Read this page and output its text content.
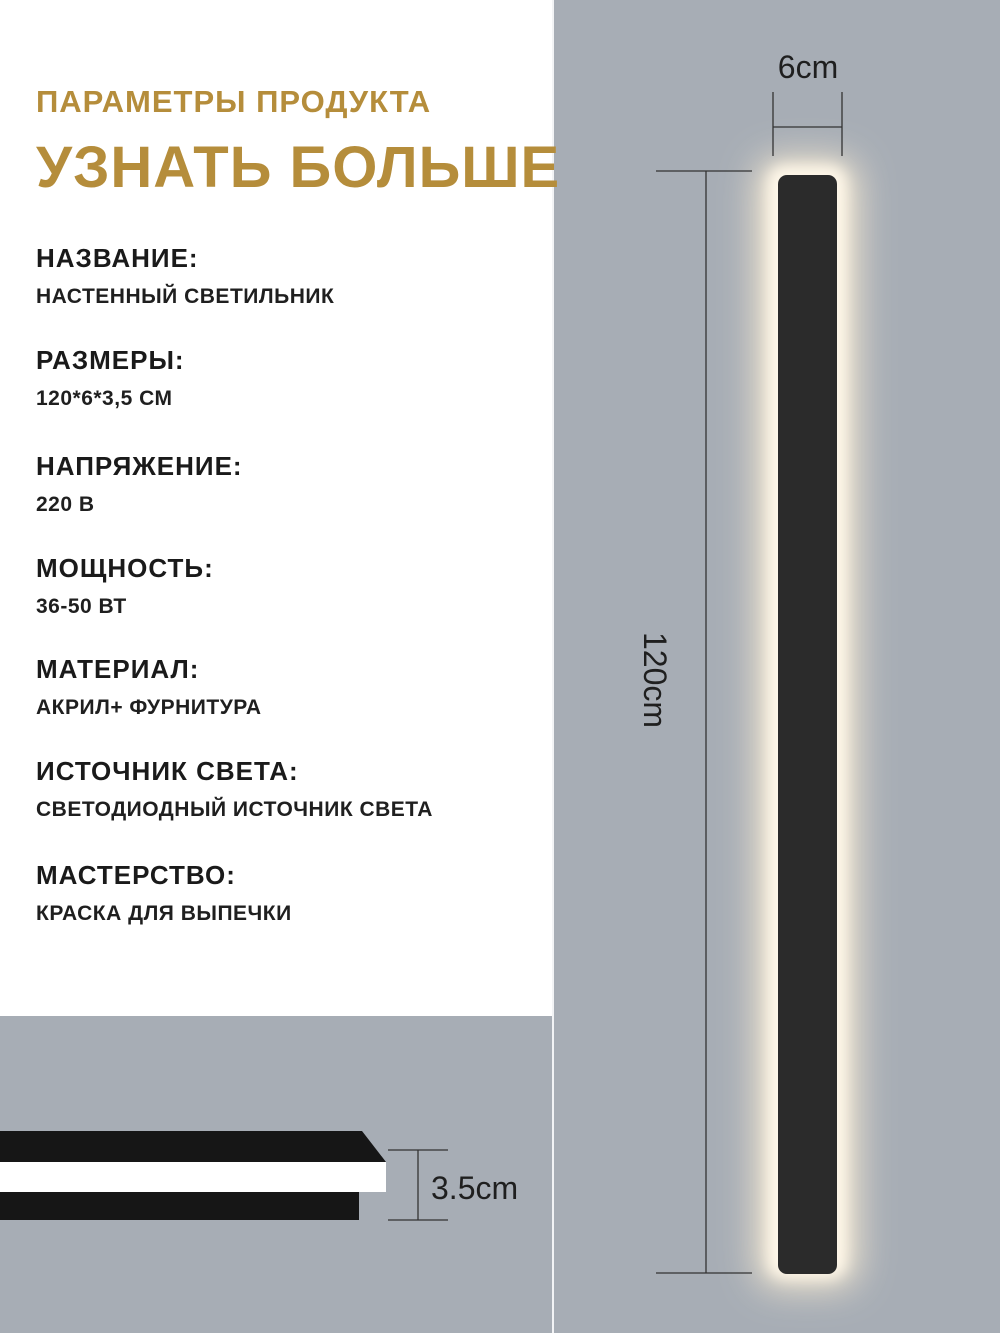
ПАРАМЕТРЫ ПРОДУКТА
УЗНАТЬ БОЛЬШЕ
НАЗВАНИЕ:
НАСТЕННЫЙ СВЕТИЛЬНИК
РАЗМЕРЫ:
120*6*3,5 СМ
НАПРЯЖЕНИЕ:
220 В
МОЩНОСТЬ:
36-50 ВТ
МАТЕРИАЛ:
АКРИЛ+ ФУРНИТУРА
ИСТОЧНИК СВЕТА:
СВЕТОДИОДНЫЙ ИСТОЧНИК СВЕТА
МАСТЕРСТВО:
КРАСКА ДЛЯ ВЫПЕЧКИ
6cm
120cm
3.5cm
